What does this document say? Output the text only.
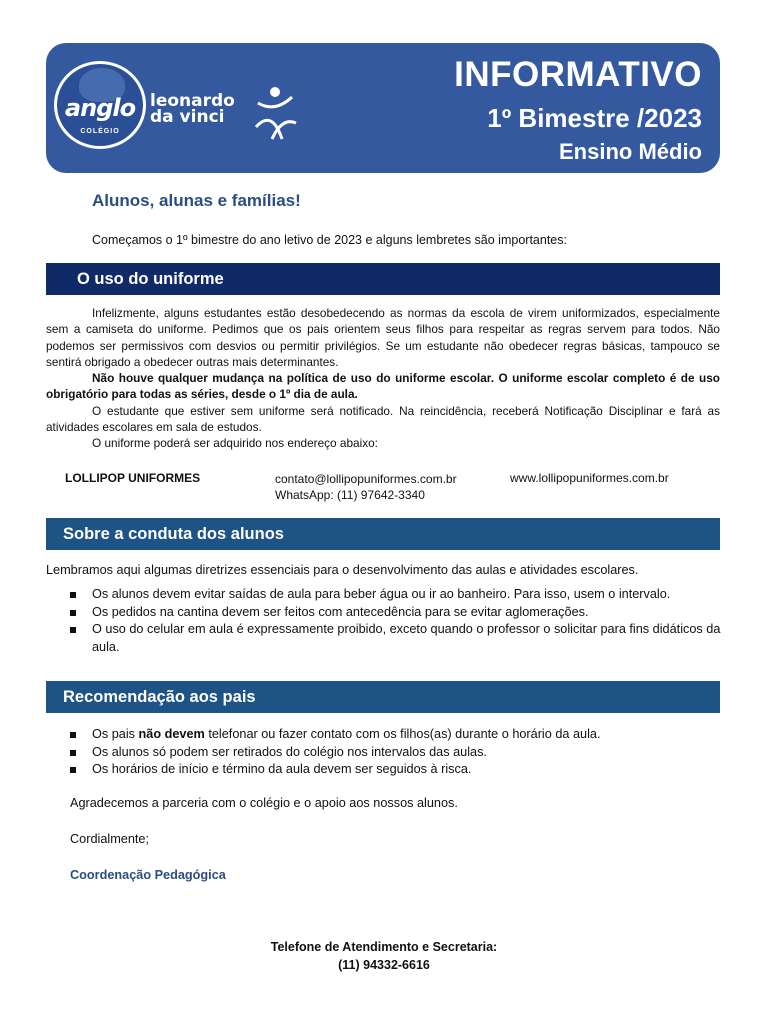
anglo
COLÉGIO
leonardo
da vinci
INFORMATIVO
1º Bimestre /2023
Ensino Médio
Alunos, alunas e famílias!
Começamos o 1º bimestre do ano letivo de 2023 e alguns lembretes são importantes:
O uso do uniforme

Infelizmente, alguns estudantes estão desobedecendo as normas da escola de virem uniformizados, especialmente sem a camiseta do uniforme. Pedimos que os pais orientem seus filhos para respeitar as regras servem para todos. Não podemos ser permissivos com desvios ou permitir privilégios. Se um estudante não obedecer regras básicas, tampouco se sentirá obrigado a obedecer outras mais determinantes.

Não houve qualquer mudança na política de uso do uniforme escolar. O uniforme escolar completo é de uso obrigatório para todas as séries, desde o 1º dia de aula.

O estudante que estiver sem uniforme será notificado. Na reincidência, receberá Notificação Disciplinar e fará as atividades escolares em sala de estudos.

O uniforme poderá ser adquirido nos endereço abaixo:

LOLLIPOP UNIFORMES	contato@lollipopuniformes.com.br
WhatsApp: (11) 97642-3340
www.lollipopuniformes.com.br
Sobre a conduta dos alunos
Lembramos aqui algumas diretrizes essenciais para o desenvolvimento das aulas e atividades escolares.
Os alunos devem evitar saídas de aula para beber água ou ir ao banheiro. Para isso, usem o intervalo.
Os pedidos na cantina devem ser feitos com antecedência para se evitar aglomerações.
O uso do celular em aula é expressamente proibido, exceto quando o professor o solicitar para fins didáticos da aula.
Recomendação aos pais
Os pais não devem telefonar ou fazer contato com os filhos(as) durante o horário da aula.
Os alunos só podem ser retirados do colégio nos intervalos das aulas.
Os horários de início e término da aula devem ser seguidos à risca.
Agradecemos a parceria com o colégio e o apoio aos nossos alunos.
Cordialmente;
Coordenação Pedagógica
Telefone de Atendimento e Secretaria:
(11) 94332-6616
